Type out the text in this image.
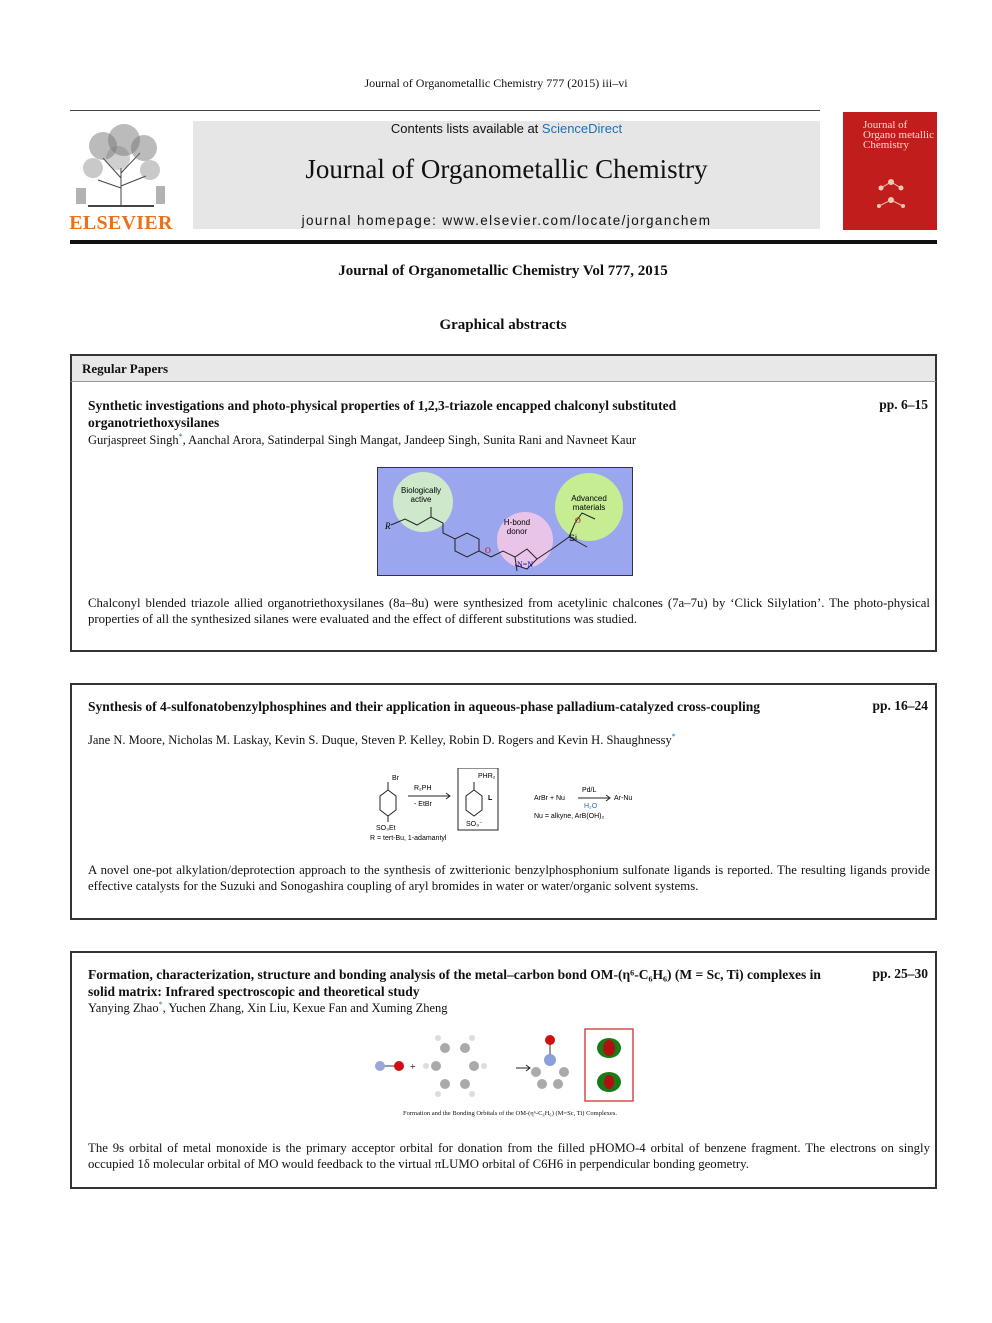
Journal of Organometallic Chemistry 777 (2015) iii–vi
ELSEVIER
Contents lists available at ScienceDirect
Journal of Organometallic Chemistry
journal homepage: www.elsevier.com/locate/jorganchem
Journal of Organo metallic Chemistry
Journal of Organometallic Chemistry Vol 777, 2015
Graphical abstracts
Regular Papers
Synthetic investigations and photo-physical properties of 1,2,3-triazole encapped chalconyl substituted organotriethoxysilanes
pp. 6–15
Gurjaspreet Singh*, Aanchal Arora, Satinderpal Singh Mangat, Jandeep Singh, Sunita Rani and Navneet Kaur
Biologically
active
H-bond
donor
Advanced
materials
R
Si
O
O
N=N
Chalconyl blended triazole allied organotriethoxysilanes (8a–8u) were synthesized from acetylinic chalcones (7a–7u) by ‘Click Silylation’. The photo-physical properties of all the synthesized silanes were evaluated and the effect of different substitutions was studied.
Synthesis of 4-sulfonatobenzylphosphines and their application in aqueous-phase palladium-catalyzed cross-coupling	pp. 16–24
Jane N. Moore, Nicholas M. Laskay, Kevin S. Duque, Steven P. Kelley, Robin D. Rogers and Kevin H. Shaughnessy*
Br
SO₃Et
R = tert-Bu, 1-adamantyl
R₂PH
- EtBr
PHR₂
L
SO₃⁻
ArBr + Nu
Pd/L
H₂O
Ar-Nu
Nu = alkyne, ArB(OH)₂
A novel one-pot alkylation/deprotection approach to the synthesis of zwitterionic benzylphosphonium sulfonate ligands is reported. The resulting ligands provide effective catalysts for the Suzuki and Sonogashira coupling of aryl bromides in water or water/organic solvent systems.
Formation, characterization, structure and bonding analysis of the metal–carbon bond OM-(η⁶-C₆H₆) (M = Sc, Ti) complexes in solid matrix: Infrared spectroscopic and theoretical study
pp. 25–30
Yanying Zhao*, Yuchen Zhang, Xin Liu, Kexue Fan and Xuming Zheng
+
Formation and the Bonding Orbitals of the OM-(η⁶-C₆H₆) (M=Sc, Ti) Complexes.
The 9s orbital of metal monoxide is the primary acceptor orbital for donation from the filled pHOMO-4 orbital of benzene fragment. The electrons on singly occupied 1δ molecular orbital of MO would feedback to the virtual πLUMO orbital of C6H6 in perpendicular bonding geometry.
